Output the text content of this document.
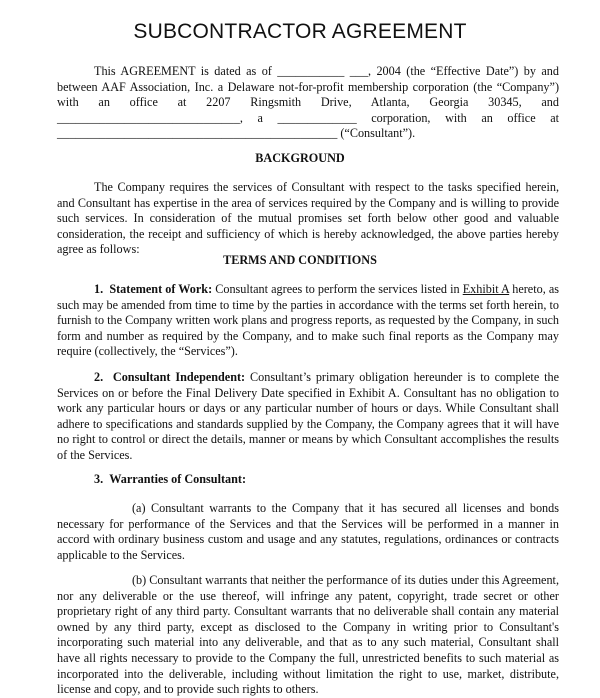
SUBCONTRACTOR AGREEMENT

This AGREEMENT is dated as of ___________ ___, 2004 (the “Effective Date”) by and between AAF Association, Inc. a Delaware not-for-profit membership corporation (the “Company”) with an office at 2207 Ringsmith Drive, Atlanta, Georgia 30345, and ______________________________, a _____________ corporation, with an office at ______________________________________________ (“Consultant”).

BACKGROUND

The Company requires the services of Consultant with respect to the tasks specified herein, and Consultant has expertise in the area of services required by the Company and is willing to provide such services. In consideration of the mutual promises set forth below other good and valuable consideration, the receipt and sufficiency of which is hereby acknowledged, the above parties hereby agree as follows:

TERMS AND CONDITIONS

1. Statement of Work: Consultant agrees to perform the services listed in Exhibit A hereto, as such may be amended from time to time by the parties in accordance with the terms set forth herein, to furnish to the Company written work plans and progress reports, as requested by the Company, in such form and number as required by the Company, and to make such final reports as the Company may require (collectively, the “Services”).

2. Consultant Independent: Consultant’s primary obligation hereunder is to complete the Services on or before the Final Delivery Date specified in Exhibit A. Consultant has no obligation to work any particular hours or days or any particular number of hours or days. While Consultant shall adhere to specifications and standards supplied by the Company, the Company agrees that it will have no right to control or direct the details, manner or means by which Consultant accomplishes the results of the Services.

3. Warranties of Consultant:

(a) Consultant warrants to the Company that it has secured all licenses and bonds necessary for performance of the Services and that the Services will be performed in a manner in accord with ordinary business custom and usage and any statutes, regulations, ordinances or contracts applicable to the Services.

(b) Consultant warrants that neither the performance of its duties under this Agreement, nor any deliverable or the use thereof, will infringe any patent, copyright, trade secret or other proprietary right of any third party. Consultant warrants that no deliverable shall contain any material owned by any third party, except as disclosed to the Company in writing prior to Consultant's incorporating such material into any deliverable, and that as to any such material, Consultant shall have all rights necessary to provide to the Company the full, unrestricted benefits to such material as incorporated into the deliverable, including without limitation the right to use, market, distribute, license and copy, and to provide such rights to others.
